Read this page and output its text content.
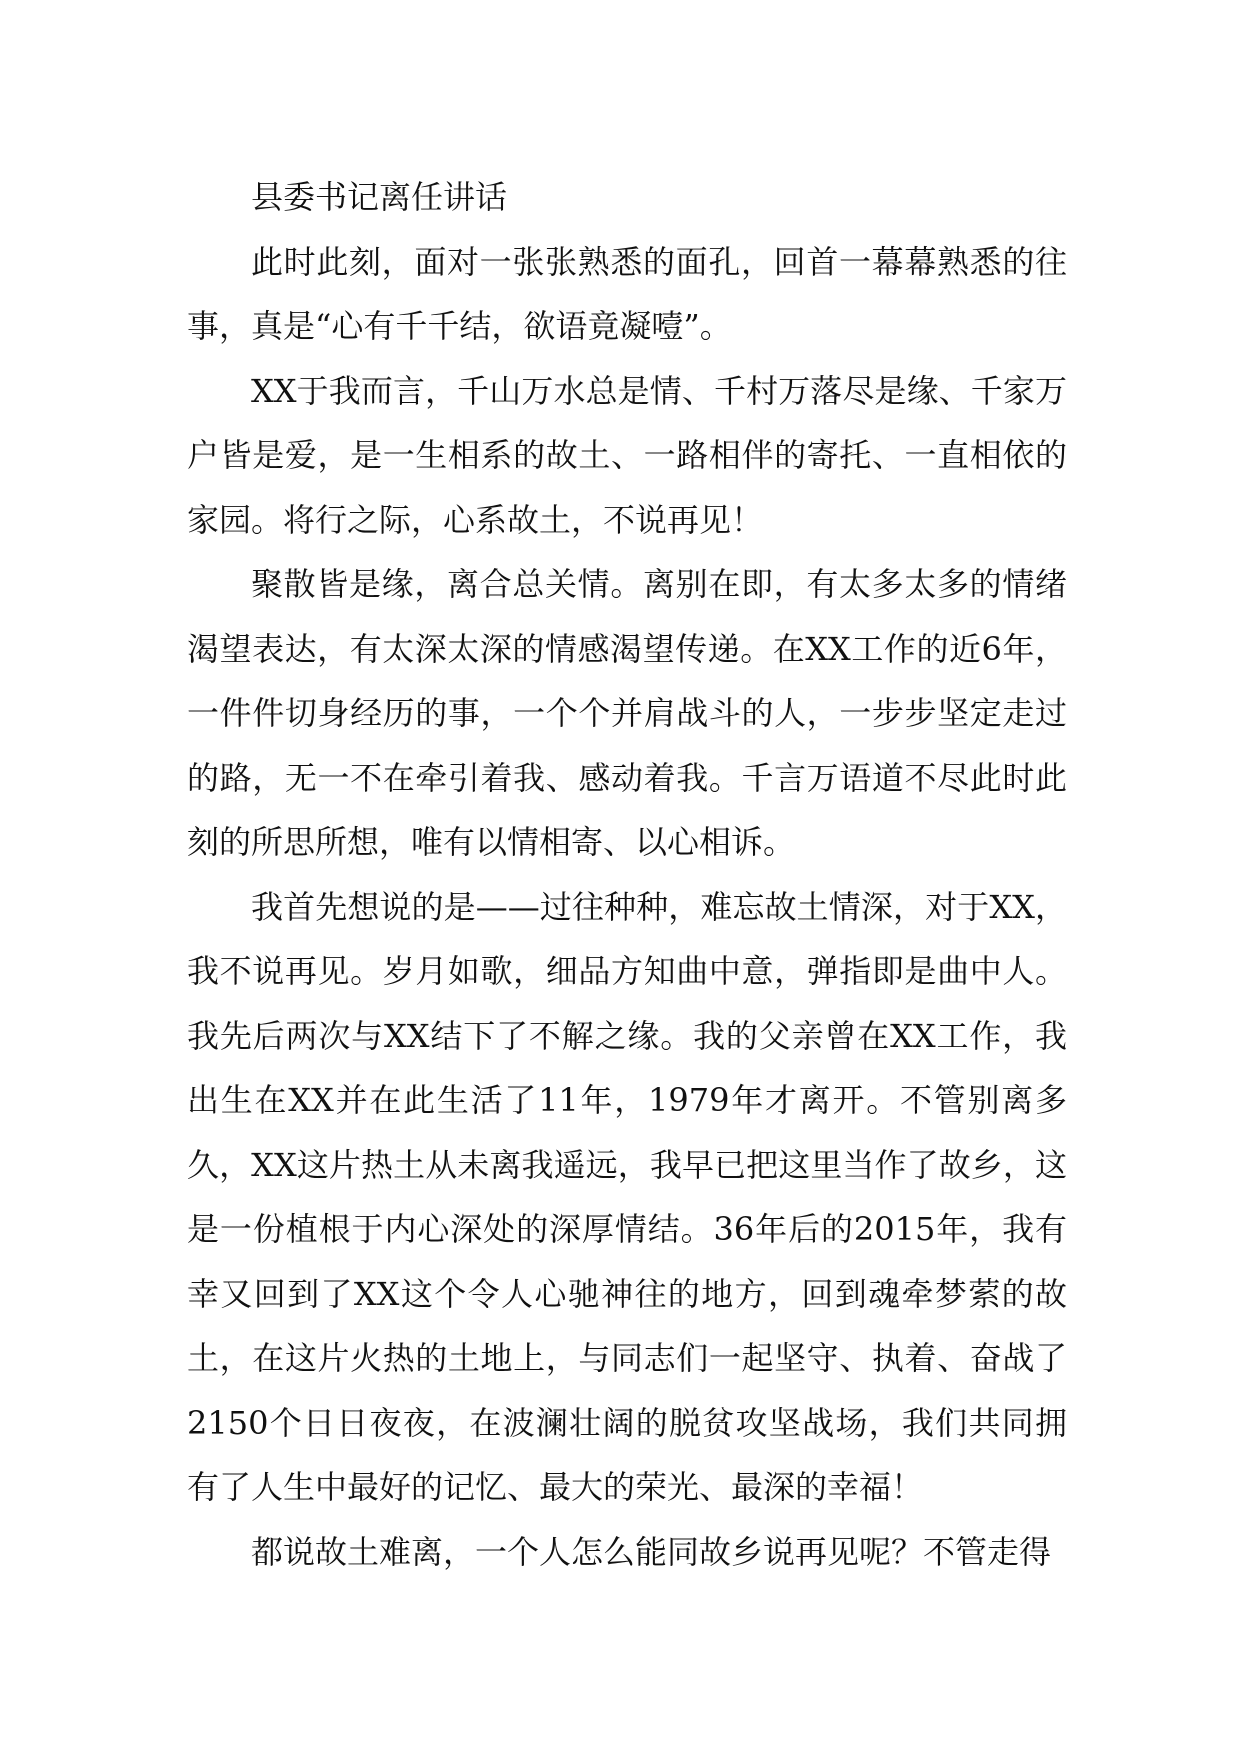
县委书记离任讲话

此时此刻，面对一张张熟悉的面孔，回首一幕幕熟悉的往事，真是“心有千千结，欲语竟凝噎”。

XX于我而言，千山万水总是情、千村万落尽是缘、千家万户皆是爱，是一生相系的故土、一路相伴的寄托、一直相依的家园。将行之际，心系故土，不说再见！

聚散皆是缘，离合总关情。离别在即，有太多太多的情绪渴望表达，有太深太深的情感渴望传递。在XX工作的近6年，一件件切身经历的事，一个个并肩战斗的人，一步步坚定走过的路，无一不在牵引着我、感动着我。千言万语道不尽此时此刻的所思所想，唯有以情相寄、以心相诉。

我首先想说的是——过往种种，难忘故土情深，对于XX，我不说再见。岁月如歌，细品方知曲中意，弹指即是曲中人。我先后两次与XX结下了不解之缘。我的父亲曾在XX工作，我出生在XX并在此生活了11年，1979年才离开。不管别离多久，XX这片热土从未离我遥远，我早已把这里当作了故乡，这是一份植根于内心深处的深厚情结。36年后的2015年，我有幸又回到了XX这个令人心驰神往的地方，回到魂牵梦萦的故土，在这片火热的土地上，与同志们一起坚守、执着、奋战了2150个日日夜夜，在波澜壮阔的脱贫攻坚战场，我们共同拥有了人生中最好的记忆、最大的荣光、最深的幸福！

都说故土难离，一个人怎么能同故乡说再见呢？不管走得
